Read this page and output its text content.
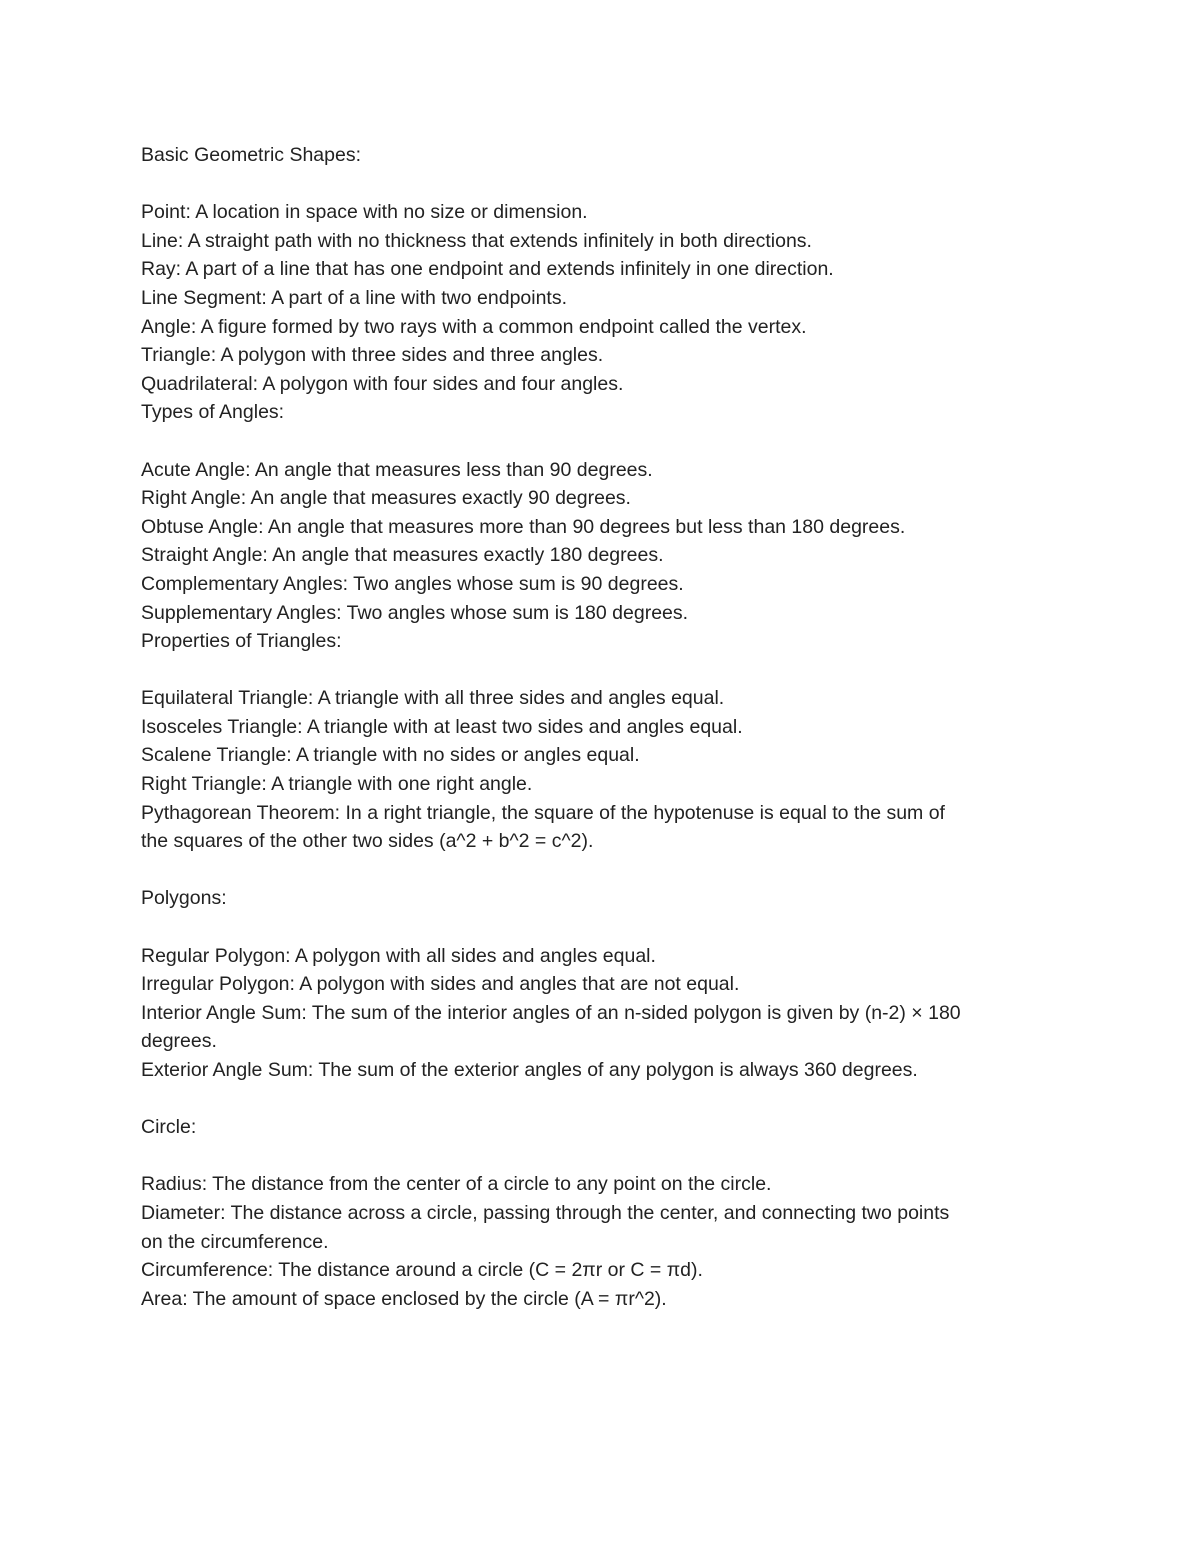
Basic Geometric Shapes:
Point: A location in space with no size or dimension.
Line: A straight path with no thickness that extends infinitely in both directions.
Ray: A part of a line that has one endpoint and extends infinitely in one direction.
Line Segment: A part of a line with two endpoints.
Angle: A figure formed by two rays with a common endpoint called the vertex.
Triangle: A polygon with three sides and three angles.
Quadrilateral: A polygon with four sides and four angles.
Types of Angles:
Acute Angle: An angle that measures less than 90 degrees.
Right Angle: An angle that measures exactly 90 degrees.
Obtuse Angle: An angle that measures more than 90 degrees but less than 180 degrees.
Straight Angle: An angle that measures exactly 180 degrees.
Complementary Angles: Two angles whose sum is 90 degrees.
Supplementary Angles: Two angles whose sum is 180 degrees.
Properties of Triangles:
Equilateral Triangle: A triangle with all three sides and angles equal.
Isosceles Triangle: A triangle with at least two sides and angles equal.
Scalene Triangle: A triangle with no sides or angles equal.
Right Triangle: A triangle with one right angle.
Pythagorean Theorem: In a right triangle, the square of the hypotenuse is equal to the sum of
the squares of the other two sides (a^2 + b^2 = c^2).
Polygons:
Regular Polygon: A polygon with all sides and angles equal.
Irregular Polygon: A polygon with sides and angles that are not equal.
Interior Angle Sum: The sum of the interior angles of an n-sided polygon is given by (n-2) × 180
degrees.
Exterior Angle Sum: The sum of the exterior angles of any polygon is always 360 degrees.
Circle:
Radius: The distance from the center of a circle to any point on the circle.
Diameter: The distance across a circle, passing through the center, and connecting two points
on the circumference.
Circumference: The distance around a circle (C = 2πr or C = πd).
Area: The amount of space enclosed by the circle (A = πr^2).
